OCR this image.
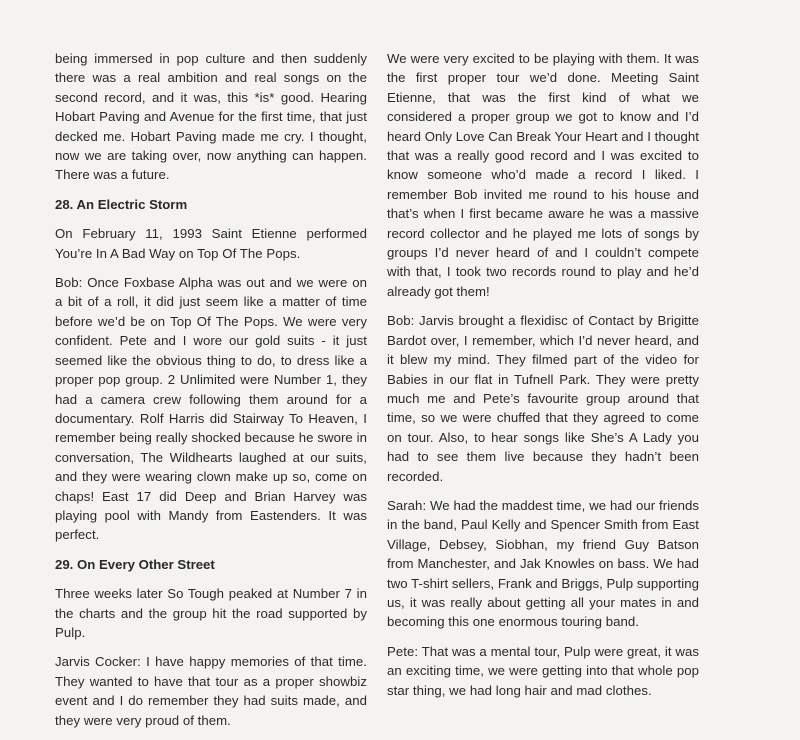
being immersed in pop culture and then suddenly there was a real ambition and real songs on the second record, and it was, this *is* good. Hearing Hobart Paving and Avenue for the first time, that just decked me. Hobart Paving made me cry. I thought, now we are taking over, now anything can happen. There was a future.

28. An Electric Storm

On February 11, 1993 Saint Etienne performed You’re In A Bad Way on Top Of The Pops.

Bob: Once Foxbase Alpha was out and we were on a bit of a roll, it did just seem like a matter of time before we’d be on Top Of The Pops. We were very confident. Pete and I wore our gold suits - it just seemed like the obvious thing to do, to dress like a proper pop group. 2 Unlimited were Number 1, they had a camera crew following them around for a documentary. Rolf Harris did Stairway To Heaven, I remember being really shocked because he swore in conversation, The Wildhearts laughed at our suits, and they were wearing clown make up so, come on chaps! East 17 did Deep and Brian Harvey was playing pool with Mandy from Eastenders. It was perfect.

29. On Every Other Street

Three weeks later So Tough peaked at Number 7 in the charts and the group hit the road supported by Pulp.

Jarvis Cocker: I have happy memories of that time. They wanted to have that tour as a proper showbiz event and I do remember they had suits made, and they were very proud of them.

We were very excited to be playing with them. It was the first proper tour we’d done. Meeting Saint Etienne, that was the first kind of what we considered a proper group we got to know and I’d heard Only Love Can Break Your Heart and I thought that was a really good record and I was excited to know someone who’d made a record I liked. I remember Bob invited me round to his house and that’s when I first became aware he was a massive record collector and he played me lots of songs by groups I’d never heard of and I couldn’t compete with that, I took two records round to play and he’d already got them!

Bob: Jarvis brought a flexidisc of Contact by Brigitte Bardot over, I remember, which I’d never heard, and it blew my mind. They filmed part of the video for Babies in our flat in Tufnell Park. They were pretty much me and Pete’s favourite group around that time, so we were chuffed that they agreed to come on tour. Also, to hear songs like She’s A Lady you had to see them live because they hadn’t been recorded.

Sarah: We had the maddest time, we had our friends in the band, Paul Kelly and Spencer Smith from East Village, Debsey, Siobhan, my friend Guy Batson from Manchester, and Jak Knowles on bass. We had two T-shirt sellers, Frank and Briggs, Pulp supporting us, it was really about getting all your mates in and becoming this one enormous touring band.

Pete: That was a mental tour, Pulp were great, it was an exciting time, we were getting into that whole pop star thing, we had long hair and mad clothes.
